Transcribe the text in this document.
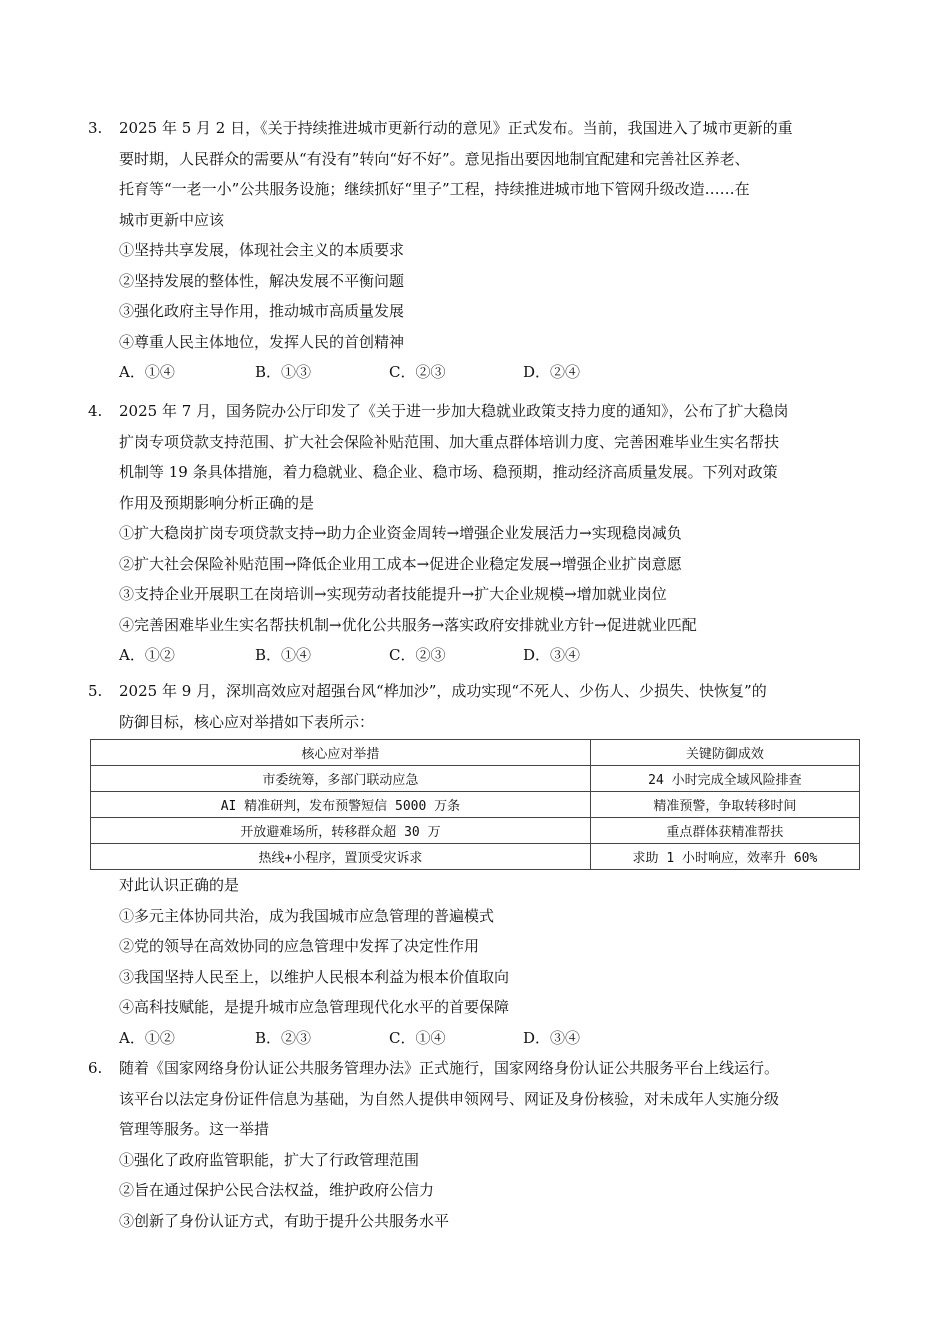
3. 2025 年 5 月 2 日，《关于持续推进城市更新行动的意见》正式发布。当前，我国进入了城市更新的重
要时期，人民群众的需要从“有没有”转向“好不好”。意见指出要因地制宜配建和完善社区养老、
托育等“一老一小”公共服务设施；继续抓好“里子”工程，持续推进城市地下管网升级改造……在
城市更新中应该
①坚持共享发展，体现社会主义的本质要求
②坚持发展的整体性，解决发展不平衡问题
③强化政府主导作用，推动城市高质量发展
④尊重人民主体地位，发挥人民的首创精神
A．①④	B．①③	C．②③	D．②④
4. 2025 年 7 月，国务院办公厅印发了《关于进一步加大稳就业政策支持力度的通知》，公布了扩大稳岗
扩岗专项贷款支持范围、扩大社会保险补贴范围、加大重点群体培训力度、完善困难毕业生实名帮扶
机制等 19 条具体措施，着力稳就业、稳企业、稳市场、稳预期，推动经济高质量发展。下列对政策
作用及预期影响分析正确的是
①扩大稳岗扩岗专项贷款支持→助力企业资金周转→增强企业发展活力→实现稳岗减负
②扩大社会保险补贴范围→降低企业用工成本→促进企业稳定发展→增强企业扩岗意愿
③支持企业开展职工在岗培训→实现劳动者技能提升→扩大企业规模→增加就业岗位
④完善困难毕业生实名帮扶机制→优化公共服务→落实政府安排就业方针→促进就业匹配
A．①②	B．①④	C．②③	D．③④
5. 2025 年 9 月，深圳高效应对超强台风“桦加沙”，成功实现“不死人、少伤人、少损失、快恢复”的
防御目标，核心应对举措如下表所示：
核心应对举措	关键防御成效
市委统筹，多部门联动应急	24 小时完成全域风险排查
AI 精准研判，发布预警短信 5000 万条	精准预警，争取转移时间
开放避难场所，转移群众超 30 万	重点群体获精准帮扶
热线+小程序，置顶受灾诉求	求助 1 小时响应，效率升 60%
对此认识正确的是
①多元主体协同共治，成为我国城市应急管理的普遍模式
②党的领导在高效协同的应急管理中发挥了决定性作用
③我国坚持人民至上，以维护人民根本利益为根本价值取向
④高科技赋能，是提升城市应急管理现代化水平的首要保障
A．①②	B．②③	C．①④	D．③④
6. 随着《国家网络身份认证公共服务管理办法》正式施行，国家网络身份认证公共服务平台上线运行。
该平台以法定身份证件信息为基础，为自然人提供申领网号、网证及身份核验，对未成年人实施分级
管理等服务。这一举措
①强化了政府监管职能，扩大了行政管理范围
②旨在通过保护公民合法权益，维护政府公信力
③创新了身份认证方式，有助于提升公共服务水平
